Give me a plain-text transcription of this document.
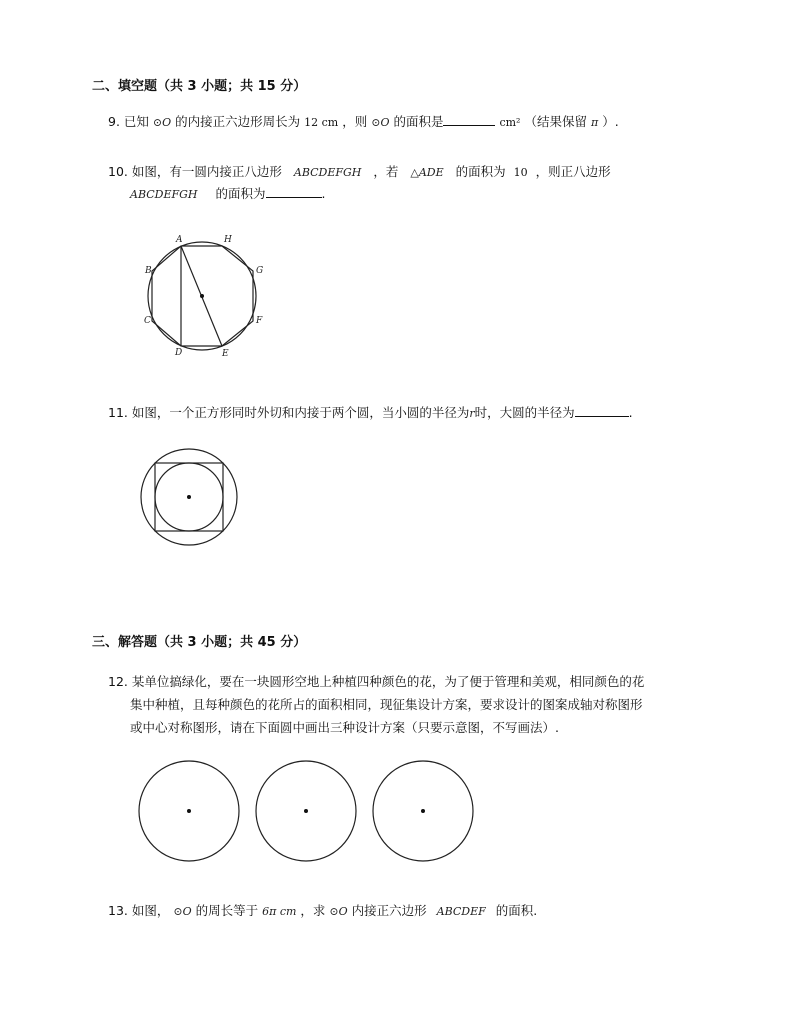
二、填空题（共 3 小题；共 15 分）
9. 已知 ⊙O 的内接正六边形周长为 12 cm ，则 ⊙O 的面积是	cm² （结果保留 π ）.
10. 如图，有一圆内接正八边形 ABCDEFGH ，若 △ADE 的面积为 10 ，则正八边形
ABCDEFGH 的面积为	.
A	H
B	G
C	F
D	E
11. 如图，一个正方形同时外切和内接于两个圆，当小圆的半径为r时，大圆的半径为	.
三、解答题（共 3 小题；共 45 分）
12. 某单位搞绿化，要在一块圆形空地上种植四种颜色的花，为了便于管理和美观，相同颜色的花
集中种植，且每种颜色的花所占的面积相同，现征集设计方案，要求设计的图案成轴对称图形
或中心对称图形，请在下面圆中画出三种设计方案（只要示意图，不写画法）.
13. 如图， ⊙O 的周长等于 6π cm ，求 ⊙O 内接正六边形 ABCDEF 的面积.
